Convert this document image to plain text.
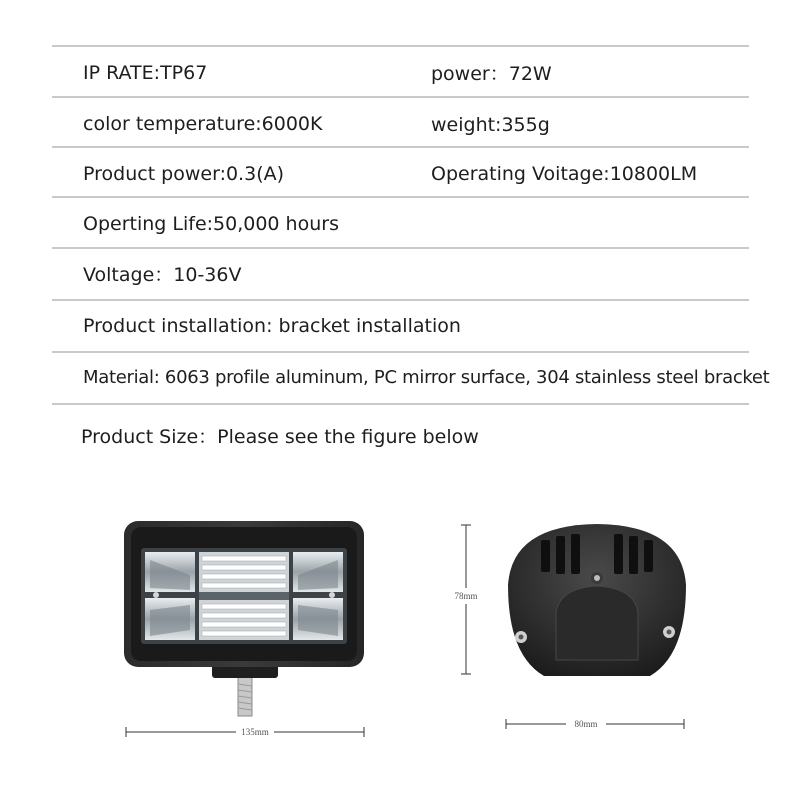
IP RATE:TP67	power：72W
color temperature:6000K	weight:355g
Product power:0.3(A)	Operating Voitage:10800LM
Operting Life:50,000 hours
Voltage：10-36V
Product installation: bracket installation
Material: 6063 profile aluminum, PC mirror surface, 304 stainless steel bracket
Product Size：Please see the figure below
135mm
78mm
80mm
